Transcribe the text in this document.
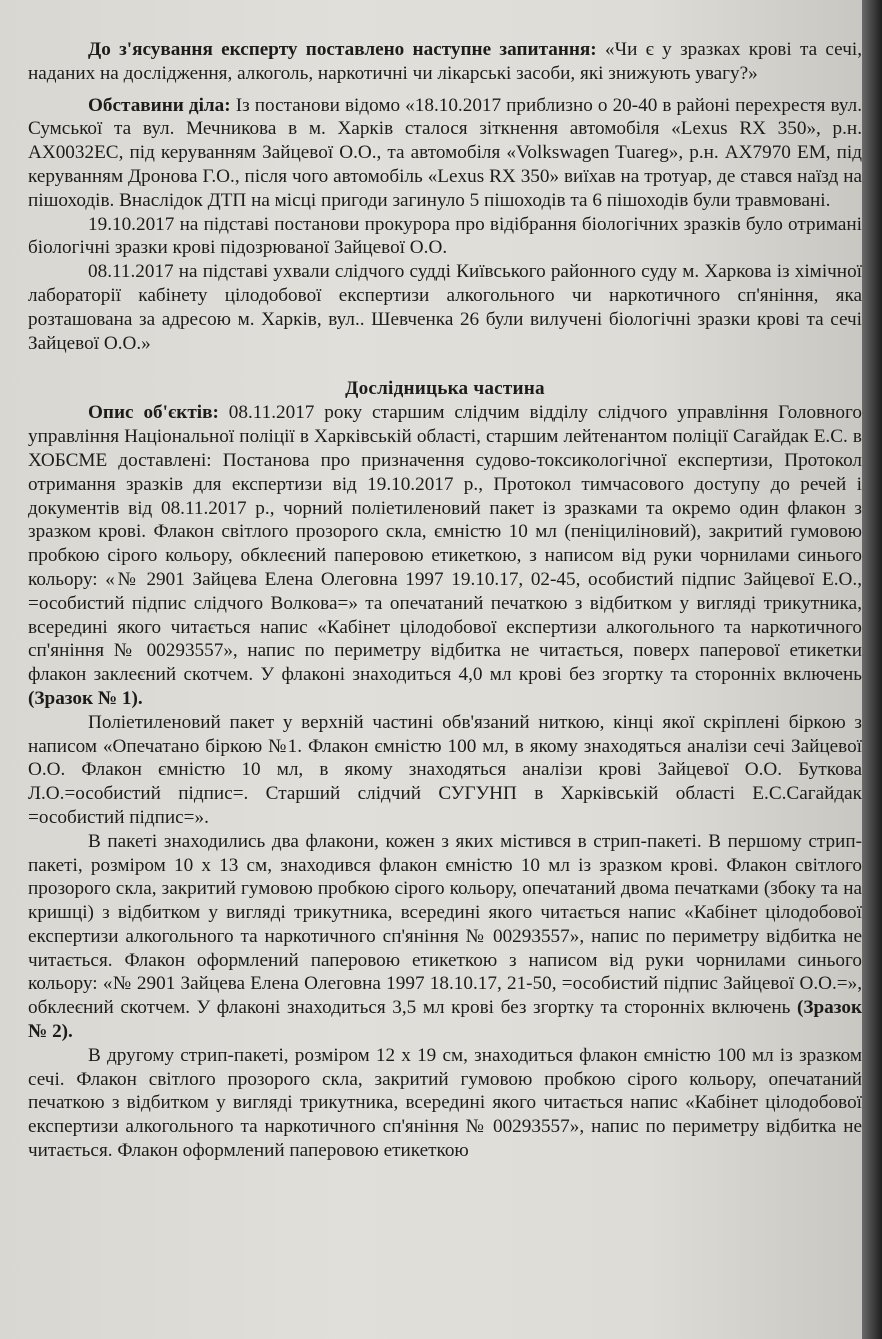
До з'ясування експерту поставлено наступне запитання: «Чи є у зразках крові та сечі, наданих на дослідження, алкоголь, наркотичні чи лікарські засоби, які знижують увагу?»

Обставини діла: Із постанови відомо «18.10.2017 приблизно о 20-40 в районі перехрестя вул. Сумської та вул. Мечникова в м. Харків сталося зіткнення автомобіля «Lexus RX 350», р.н. АХ0032ЕС, під керуванням Зайцевої О.О., та автомобіля «Volkswagen Tuareg», р.н. АХ7970 ЕМ, під керуванням Дронова Г.О., після чого автомобіль «Lexus RX 350» виїхав на тротуар, де стався наїзд на пішоходів. Внаслідок ДТП на місці пригоди загинуло 5 пішоходів та 6 пішоходів були травмовані.

19.10.2017 на підставі постанови прокурора про відібрання біологічних зразків було отримані біологічні зразки крові підозрюваної Зайцевої О.О.

08.11.2017 на підставі ухвали слідчого судді Київського районного суду м. Харкова із хімічної лабораторії кабінету цілодобової експертизи алкогольного чи наркотичного сп'яніння, яка розташована за адресою м. Харків, вул.. Шевченка 26 були вилучені біологічні зразки крові та сечі Зайцевої О.О.»

Дослідницька частина

Опис об'єктів: 08.11.2017 року старшим слідчим відділу слідчого управління Головного управління Національної поліції в Харківській області, старшим лейтенантом поліції Сагайдак Е.С. в ХОБСМЕ доставлені: Постанова про призначення судово-токсикологічної експертизи, Протокол отримання зразків для експертизи від 19.10.2017 р., Протокол тимчасового доступу до речей і документів від 08.11.2017 р., чорний поліетиленовий пакет із зразками та окремо один флакон з зразком крові. Флакон світлого прозорого скла, ємністю 10 мл (пеніциліновий), закритий гумовою пробкою сірого кольору, обклеєний паперовою етикеткою, з написом від руки чорнилами синього кольору: «№ 2901 Зайцева Елена Олеговна 1997 19.10.17, 02-45, особистий підпис Зайцевої Е.О., =особистий підпис слідчого Волкова=» та опечатаний печаткою з відбитком у вигляді трикутника, всередині якого читається напис «Кабінет цілодобової експертизи алкогольного та наркотичного сп'яніння № 00293557», напис по периметру відбитка не читається, поверх паперової етикетки флакон заклеєний скотчем. У флаконі знаходиться 4,0 мл крові без згортку та сторонніх включень (Зразок № 1).

Поліетиленовий пакет у верхній частині обв'язаний ниткою, кінці якої скріплені біркою з написом «Опечатано біркою №1. Флакон ємністю 100 мл, в якому знаходяться аналізи сечі Зайцевої О.О. Флакон ємністю 10 мл, в якому знаходяться аналізи крові Зайцевої О.О. Буткова Л.О.=особистий підпис=. Старший слідчий СУГУНП в Харківській області Е.С.Сагайдак =особистий підпис=».

В пакеті знаходились два флакони, кожен з яких містився в стрип-пакеті. В першому стрип-пакеті, розміром 10 х 13 см, знаходився флакон ємністю 10 мл із зразком крові. Флакон світлого прозорого скла, закритий гумовою пробкою сірого кольору, опечатаний двома печатками (збоку та на кришці) з відбитком у вигляді трикутника, всередині якого читається напис «Кабінет цілодобової експертизи алкогольного та наркотичного сп'яніння № 00293557», напис по периметру відбитка не читається. Флакон оформлений паперовою етикеткою з написом від руки чорнилами синього кольору: «№ 2901 Зайцева Елена Олеговна 1997 18.10.17, 21-50, =особистий підпис Зайцевої О.О.=», обклеєний скотчем. У флаконі знаходиться 3,5 мл крові без згортку та сторонніх включень (Зразок № 2).

В другому стрип-пакеті, розміром 12 х 19 см, знаходиться флакон ємністю 100 мл із зразком сечі. Флакон світлого прозорого скла, закритий гумовою пробкою сірого кольору, опечатаний печаткою з відбитком у вигляді трикутника, всередині якого читається напис «Кабінет цілодобової експертизи алкогольного та наркотичного сп'яніння № 00293557», напис по периметру відбитка не читається. Флакон оформлений паперовою етикеткою
